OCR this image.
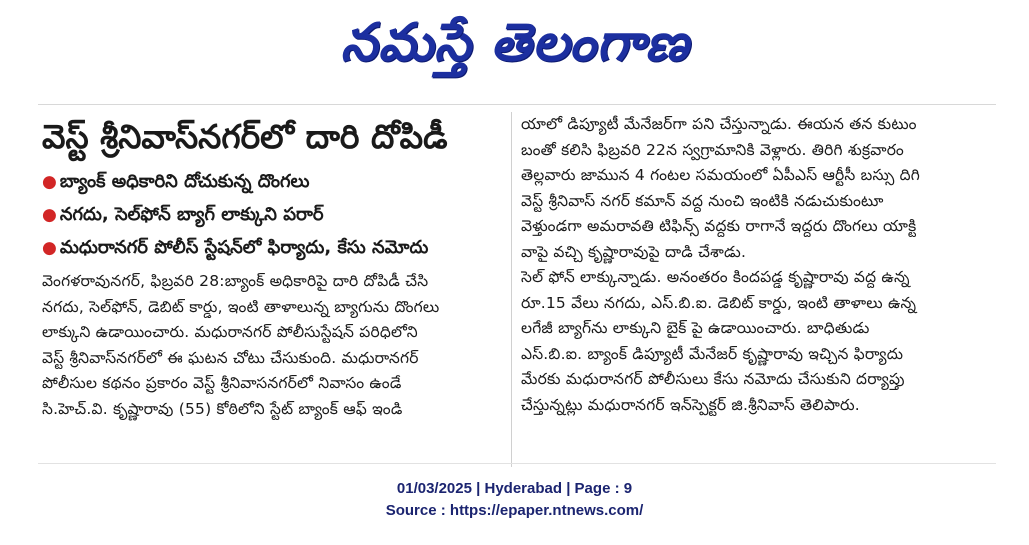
నమస్తే తెలంగాణ
వెస్ట్ శ్రీనివాస్‌నగర్‌లో దారి దోపిడీ
● బ్యాంక్ అధికారిని దోచుకున్న దొంగలు
● నగదు, సెల్‌ఫోన్ బ్యాగ్ లాక్కుని పరార్
● మధురానగర్ పోలీస్ స్టేషన్‌లో ఫిర్యాదు, కేసు నమోదు
వెంగళరావునగర్, ఫిబ్రవరి 28:బ్యాంక్ అధికారిపై దారి దోపిడీ చేసి
నగదు, సెల్‌ఫోన్, డెబిట్ కార్డు, ఇంటి తాళాలున్న బ్యాగును దొంగలు
లాక్కుని ఉడాయించారు. మధురానగర్ పోలీసుస్టేషన్ పరిధిలోని
వెస్ట్ శ్రీనివాస్‌నగర్‌లో ఈ ఘటన చోటు చేసుకుంది. మధురానగర్
పోలీసుల కథనం ప్రకారం వెస్ట్ శ్రీనివాసనగర్‌లో నివాసం ఉండే
సి.హెచ్.వి. కృష్ణారావు (55) కోఠిలోని స్టేట్ బ్యాంక్ ఆఫ్ ఇండి
యాలో డిప్యూటీ మేనేజర్‌గా పని చేస్తున్నాడు. ఈయన తన కుటుం
బంతో కలిసి ఫిబ్రవరి 22న స్వగ్రామానికి వెళ్లారు. తిరిగి శుక్రవారం
తెల్లవారు జామున 4 గంటల సమయంలో ఏపీఎస్ ఆర్టీసీ బస్సు దిగి
వెస్ట్ శ్రీనివాస్ నగర్ కమాన్ వద్ద నుంచి ఇంటికి నడుచుకుంటూ
వెళ్తుండగా అమరావతి టిఫిన్స్ వద్దకు రాగానే ఇద్దరు దొంగలు యాక్టి
వాపై వచ్చి కృష్ణారావుపై దాడి చేశాడు.
సెల్ ఫోన్ లాక్కున్నాడు. అనంతరం కిందపడ్డ కృష్ణారావు వద్ద ఉన్న
రూ.15 వేలు నగదు, ఎస్.బి.ఐ. డెబిట్ కార్డు, ఇంటి తాళాలు ఉన్న
లగేజీ బ్యాగ్‌ను లాక్కుని బైక్ పై ఉడాయించారు. బాధితుడు
ఎస్.బి.ఐ. బ్యాంక్ డిప్యూటీ మేనేజర్ కృష్ణారావు ఇచ్చిన ఫిర్యాదు
మేరకు మధురానగర్ పోలీసులు కేసు నమోదు చేసుకుని దర్యాప్తు
చేస్తున్నట్లు మధురానగర్ ఇన్‌స్పెక్టర్ జి.శ్రీనివాస్ తెలిపారు.
01/03/2025 | Hyderabad | Page : 9
Source : https://epaper.ntnews.com/
